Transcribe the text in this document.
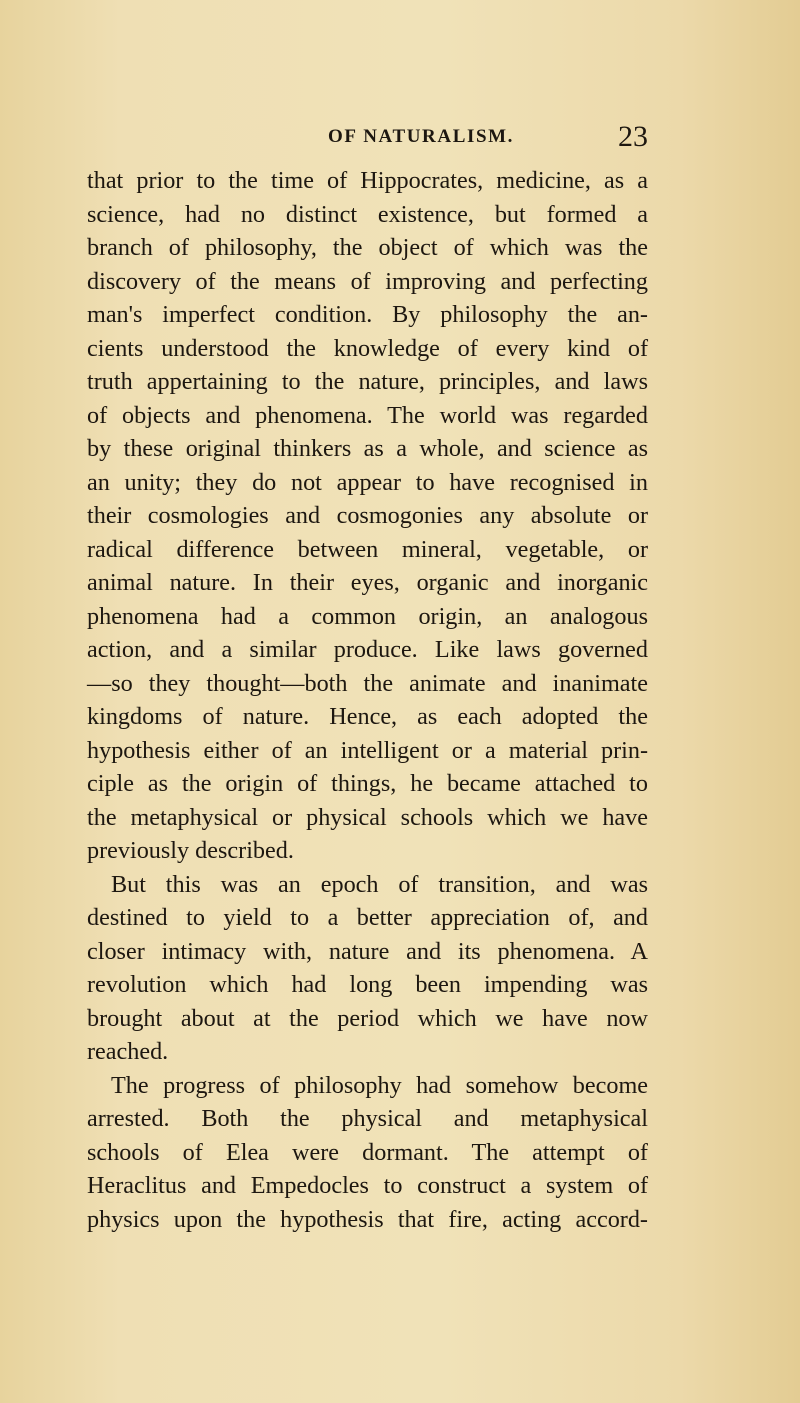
OF NATURALISM.	23
that prior to the time of Hippocrates, medicine, as a
science, had no distinct existence, but formed a
branch of philosophy, the object of which was the
discovery of the means of improving and perfecting
man's imperfect condition. By philosophy the an-
cients understood the knowledge of every kind of
truth appertaining to the nature, principles, and laws
of objects and phenomena. The world was regarded
by these original thinkers as a whole, and science as
an unity; they do not appear to have recognised in
their cosmologies and cosmogonies any absolute or
radical difference between mineral, vegetable, or
animal nature. In their eyes, organic and inorganic
phenomena had a common origin, an analogous
action, and a similar produce. Like laws governed
—so they thought—both the animate and inanimate
kingdoms of nature. Hence, as each adopted the
hypothesis either of an intelligent or a material prin-
ciple as the origin of things, he became attached to
the metaphysical or physical schools which we have
previously described.
But this was an epoch of transition, and was
destined to yield to a better appreciation of, and
closer intimacy with, nature and its phenomena. A
revolution which had long been impending was
brought about at the period which we have now
reached.
The progress of philosophy had somehow become
arrested. Both the physical and metaphysical
schools of Elea were dormant. The attempt of
Heraclitus and Empedocles to construct a system of
physics upon the hypothesis that fire, acting accord-
